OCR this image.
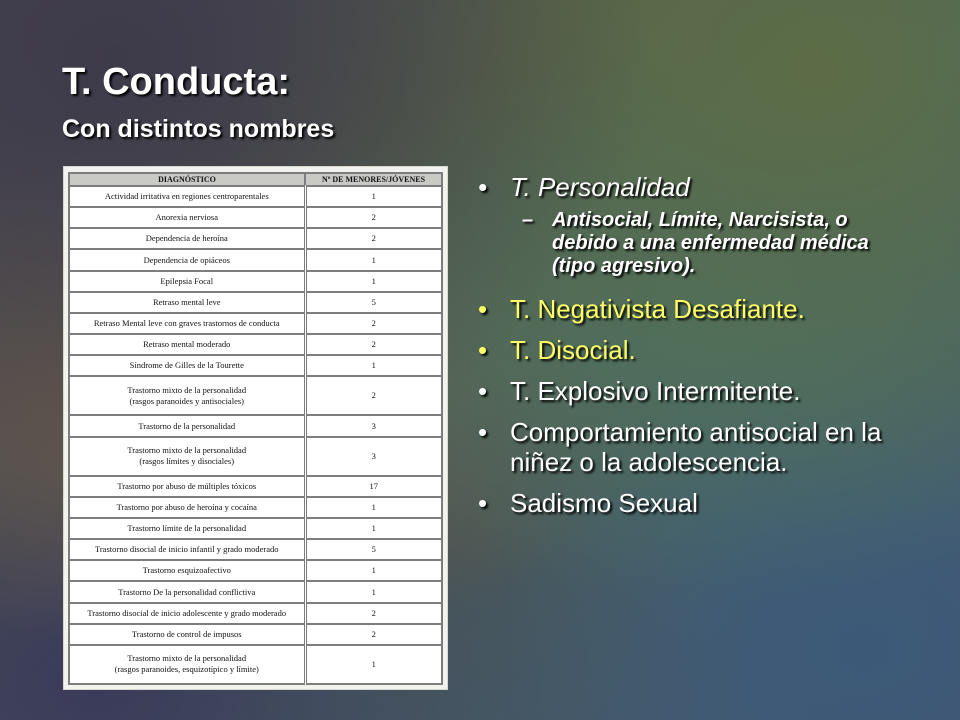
T. Conducta:
Con distintos nombres
DIAGNÓSTICO	Nº DE MENORES/JÓVENES
Actividad irritativa en regiones centroparentales	1
Anorexia nerviosa	2
Dependencia de heroína	2
Dependencia de opiáceos	1
Epilepsia Focal	1
Retraso mental leve	5
Retraso Mental leve con graves trastornos de conducta	2
Retraso mental moderado	2
Síndrome de Gilles de la Tourette	1

Trastorno mixto de la personalidad
(rasgos paranoides y antisociales)	2
Trastorno de la personalidad	3

Trastorno mixto de la personalidad
(rasgos límites y disociales)	3
Trastorno por abuso de múltiples tóxicos	17
Trastorno por abuso de heroína y cocaína	1
Trastorno límite de la personalidad	1
Trastorno disocial de inicio infantil y grado moderado	5
Trastorno esquizoafectivo	1
Trastorno De la personalidad conflictiva	1
Trastorno disocial de inicio adolescente y grado moderado	2
Trastorno de control de impusos	2

Trastorno mixto de la personalidad
(rasgos paranoides, esquizotípico y límite)	1
• T. Personalidad
– Antisocial, Límite, Narcisista, o debido a una enfermedad médica (tipo agresivo).
• T. Negativista Desafiante.
• T. Disocial.
• T. Explosivo Intermitente.
• Comportamiento antisocial en la niñez o la adolescencia.
• Sadismo Sexual
